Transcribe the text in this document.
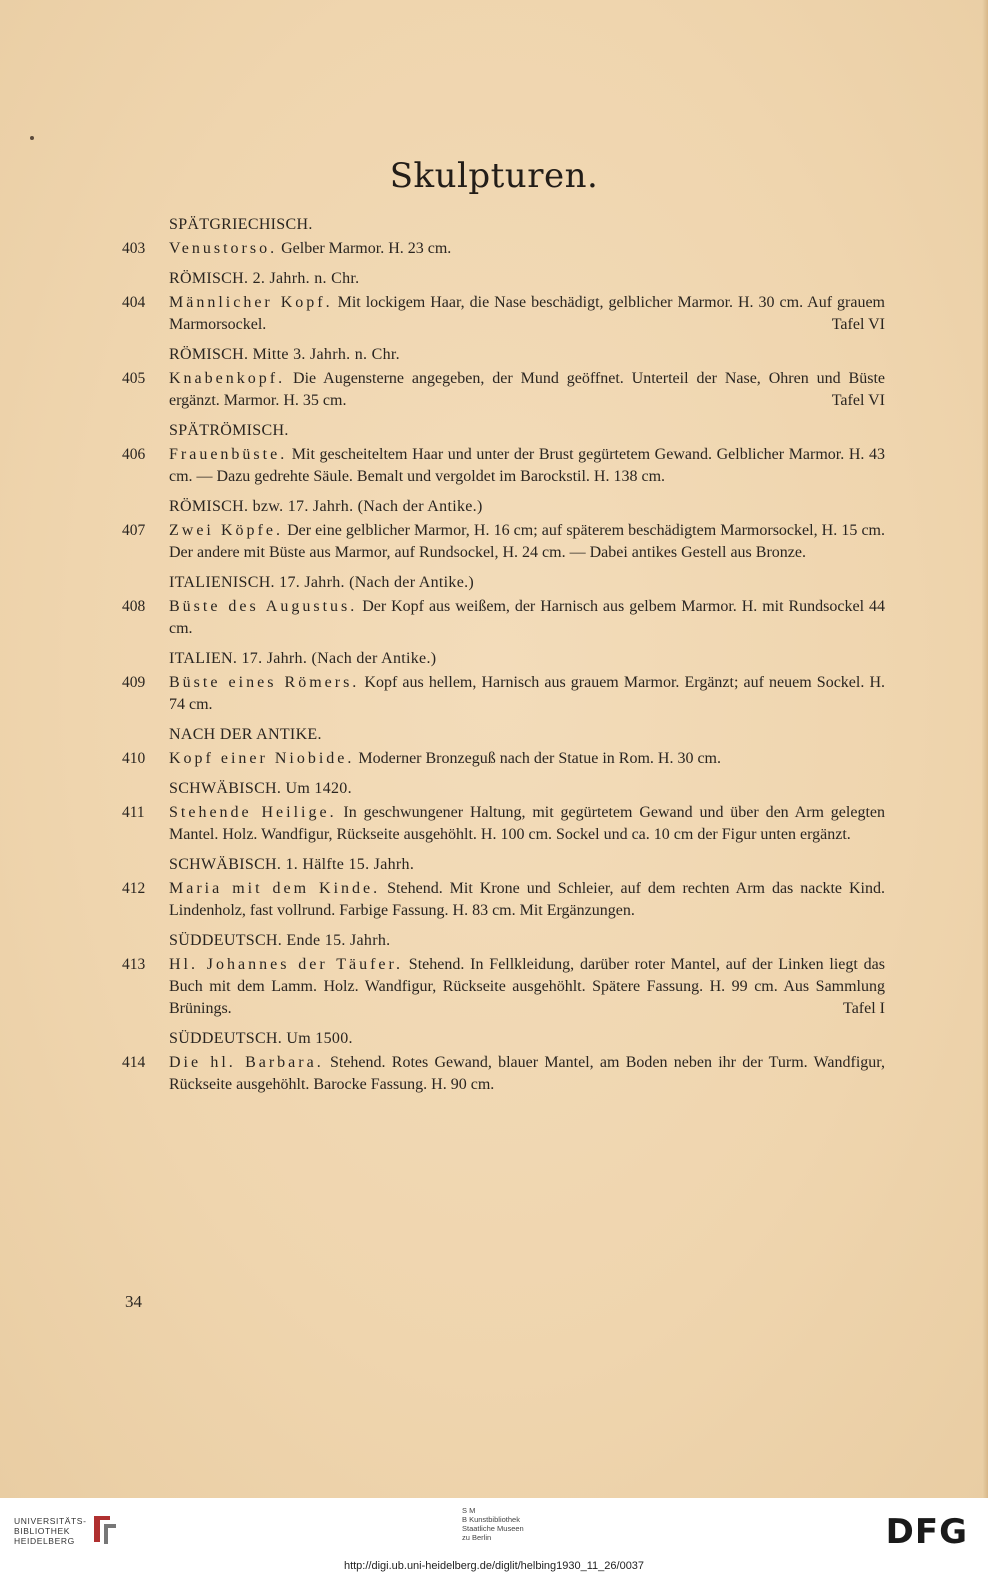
Skulpturen.
SPÄTGRIECHISCH.
403 Venustorso. Gelber Marmor. H. 23 cm.
RÖMISCH. 2. Jahrh. n. Chr.
404 Männlicher Kopf. Mit lockigem Haar, die Nase beschädigt, gelblicher Marmor. H. 30 cm. Auf grauem Marmorsockel.	Tafel VI
RÖMISCH. Mitte 3. Jahrh. n. Chr.
405 Knabenkopf. Die Augensterne angegeben, der Mund geöffnet. Unterteil der Nase, Ohren und Büste ergänzt. Marmor. H. 35 cm.	Tafel VI
SPÄTRÖMISCH.
406 Frauenbüste. Mit gescheiteltem Haar und unter der Brust gegürtetem Gewand. Gelblicher Marmor. H. 43 cm. — Dazu gedrehte Säule. Bemalt und vergoldet im Barockstil. H. 138 cm.
RÖMISCH. bzw. 17. Jahrh. (Nach der Antike.)
407 Zwei Köpfe. Der eine gelblicher Marmor, H. 16 cm; auf späterem beschädigtem Marmorsockel, H. 15 cm. Der andere mit Büste aus Marmor, auf Rundsockel, H. 24 cm. — Dabei antikes Gestell aus Bronze.
ITALIENISCH. 17. Jahrh. (Nach der Antike.)
408 Büste des Augustus. Der Kopf aus weißem, der Harnisch aus gelbem Marmor. H. mit Rundsockel 44 cm.
ITALIEN. 17. Jahrh. (Nach der Antike.)
409 Büste eines Römers. Kopf aus hellem, Harnisch aus grauem Marmor. Ergänzt; auf neuem Sockel. H. 74 cm.
NACH DER ANTIKE.
410 Kopf einer Niobide. Moderner Bronzeguß nach der Statue in Rom. H. 30 cm.
SCHWÄBISCH. Um 1420.
411 Stehende Heilige. In geschwungener Haltung, mit gegürtetem Gewand und über den Arm gelegten Mantel. Holz. Wandfigur, Rückseite ausgehöhlt. H. 100 cm. Sockel und ca. 10 cm der Figur unten ergänzt.
SCHWÄBISCH. 1. Hälfte 15. Jahrh.
412 Maria mit dem Kinde. Stehend. Mit Krone und Schleier, auf dem rechten Arm das nackte Kind. Lindenholz, fast vollrund. Farbige Fassung. H. 83 cm. Mit Ergänzungen.
SÜDDEUTSCH. Ende 15. Jahrh.
413 Hl. Johannes der Täufer. Stehend. In Fellkleidung, darüber roter Mantel, auf der Linken liegt das Buch mit dem Lamm. Holz. Wandfigur, Rückseite ausgehöhlt. Spätere Fassung. H. 99 cm. Aus Sammlung Brünings.	Tafel I
SÜDDEUTSCH. Um 1500.
414 Die hl. Barbara. Stehend. Rotes Gewand, blauer Mantel, am Boden neben ihr der Turm. Wandfigur, Rückseite ausgehöhlt. Barocke Fassung. H. 90 cm.
34
UNIVERSITÄTS-
BIBLIOTHEK
HEIDELBERG
S M
B Kunstbibliothek
Staatliche Museen
zu Berlin	DFG
http://digi.ub.uni-heidelberg.de/diglit/helbing1930_11_26/0037
